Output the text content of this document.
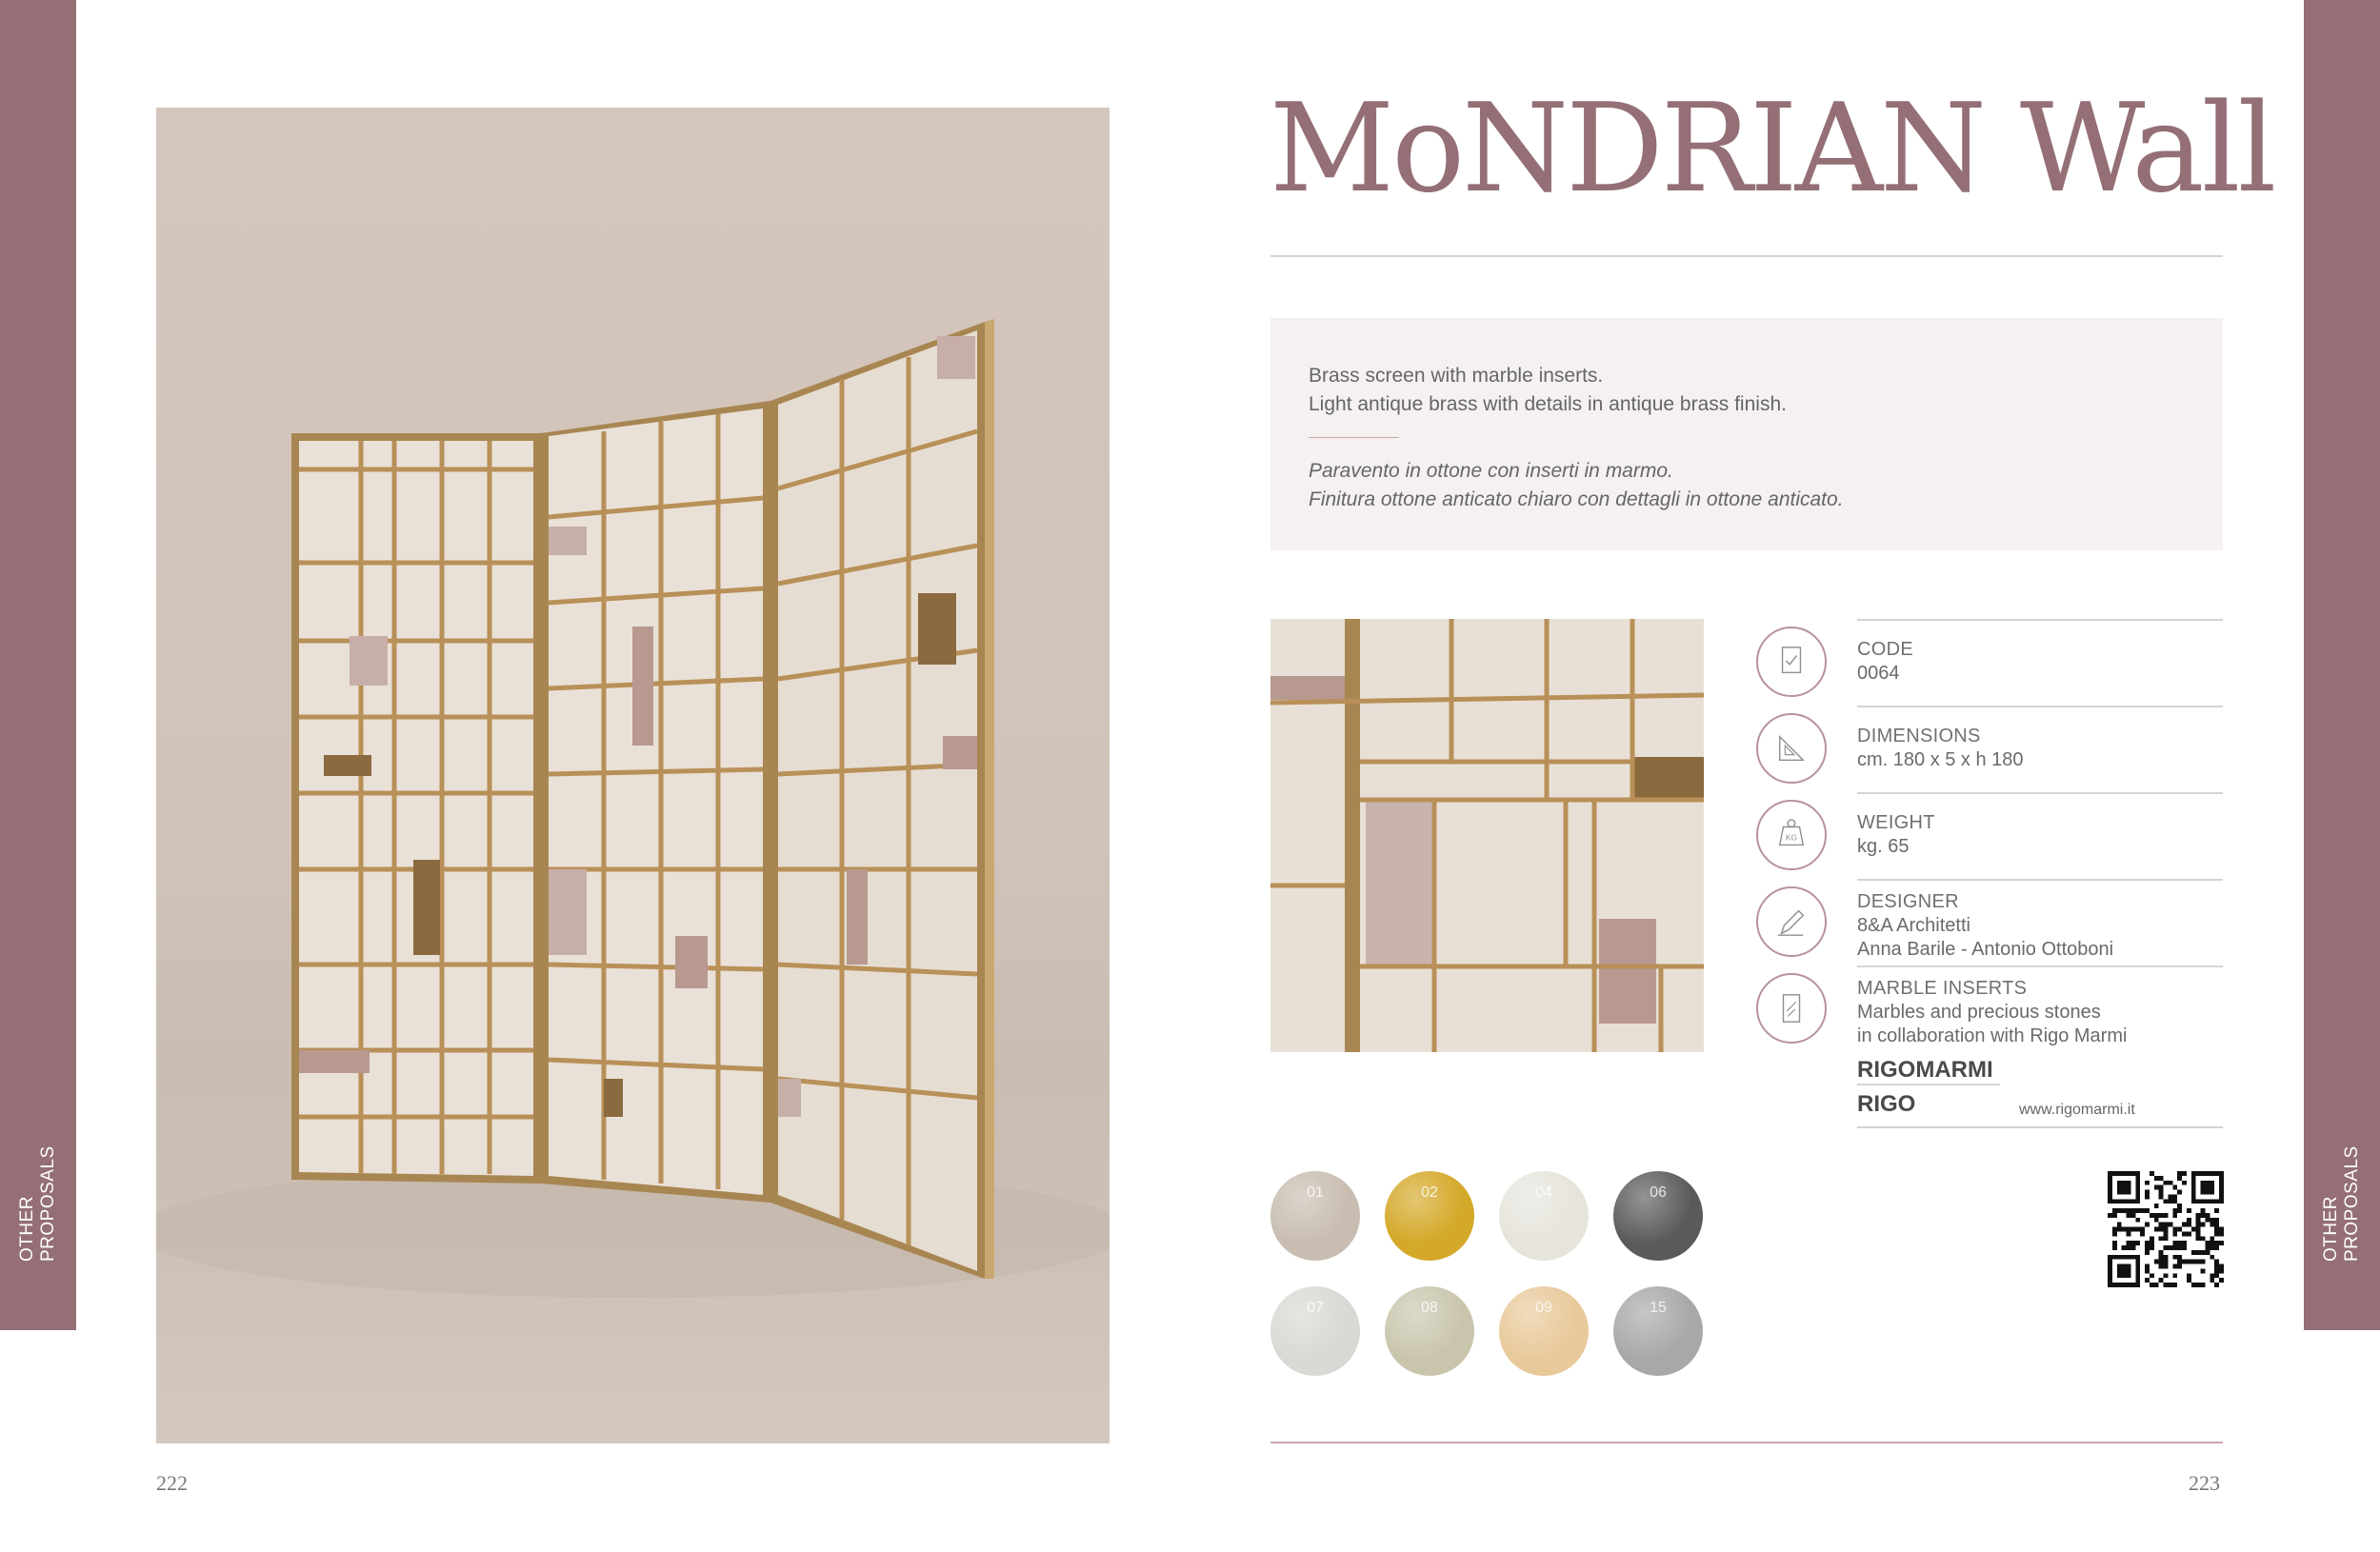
OTHER PROPOSALS	OTHER PROPOSALS
222	223
MoNDRIAN Wall

Brass screen with marble inserts.

Light antique brass with details in antique brass finish.

Paravento in ottone con inserti in marmo.

Finitura ottone anticato chiaro con dettagli in ottone anticato.

CODE
0064
DIMENSIONS
cm. 180 x 5 x h 180
KG
WEIGHT
kg. 65
DESIGNER
8&A Architetti
Anna Barile - Antonio Ottoboni
MARBLE INSERTS
Marbles and precious stones
in collaboration with Rigo Marmi
RIGOMARMI
RIGO	www.rigomarmi.it
01	02	04	06
07	08	09	15
